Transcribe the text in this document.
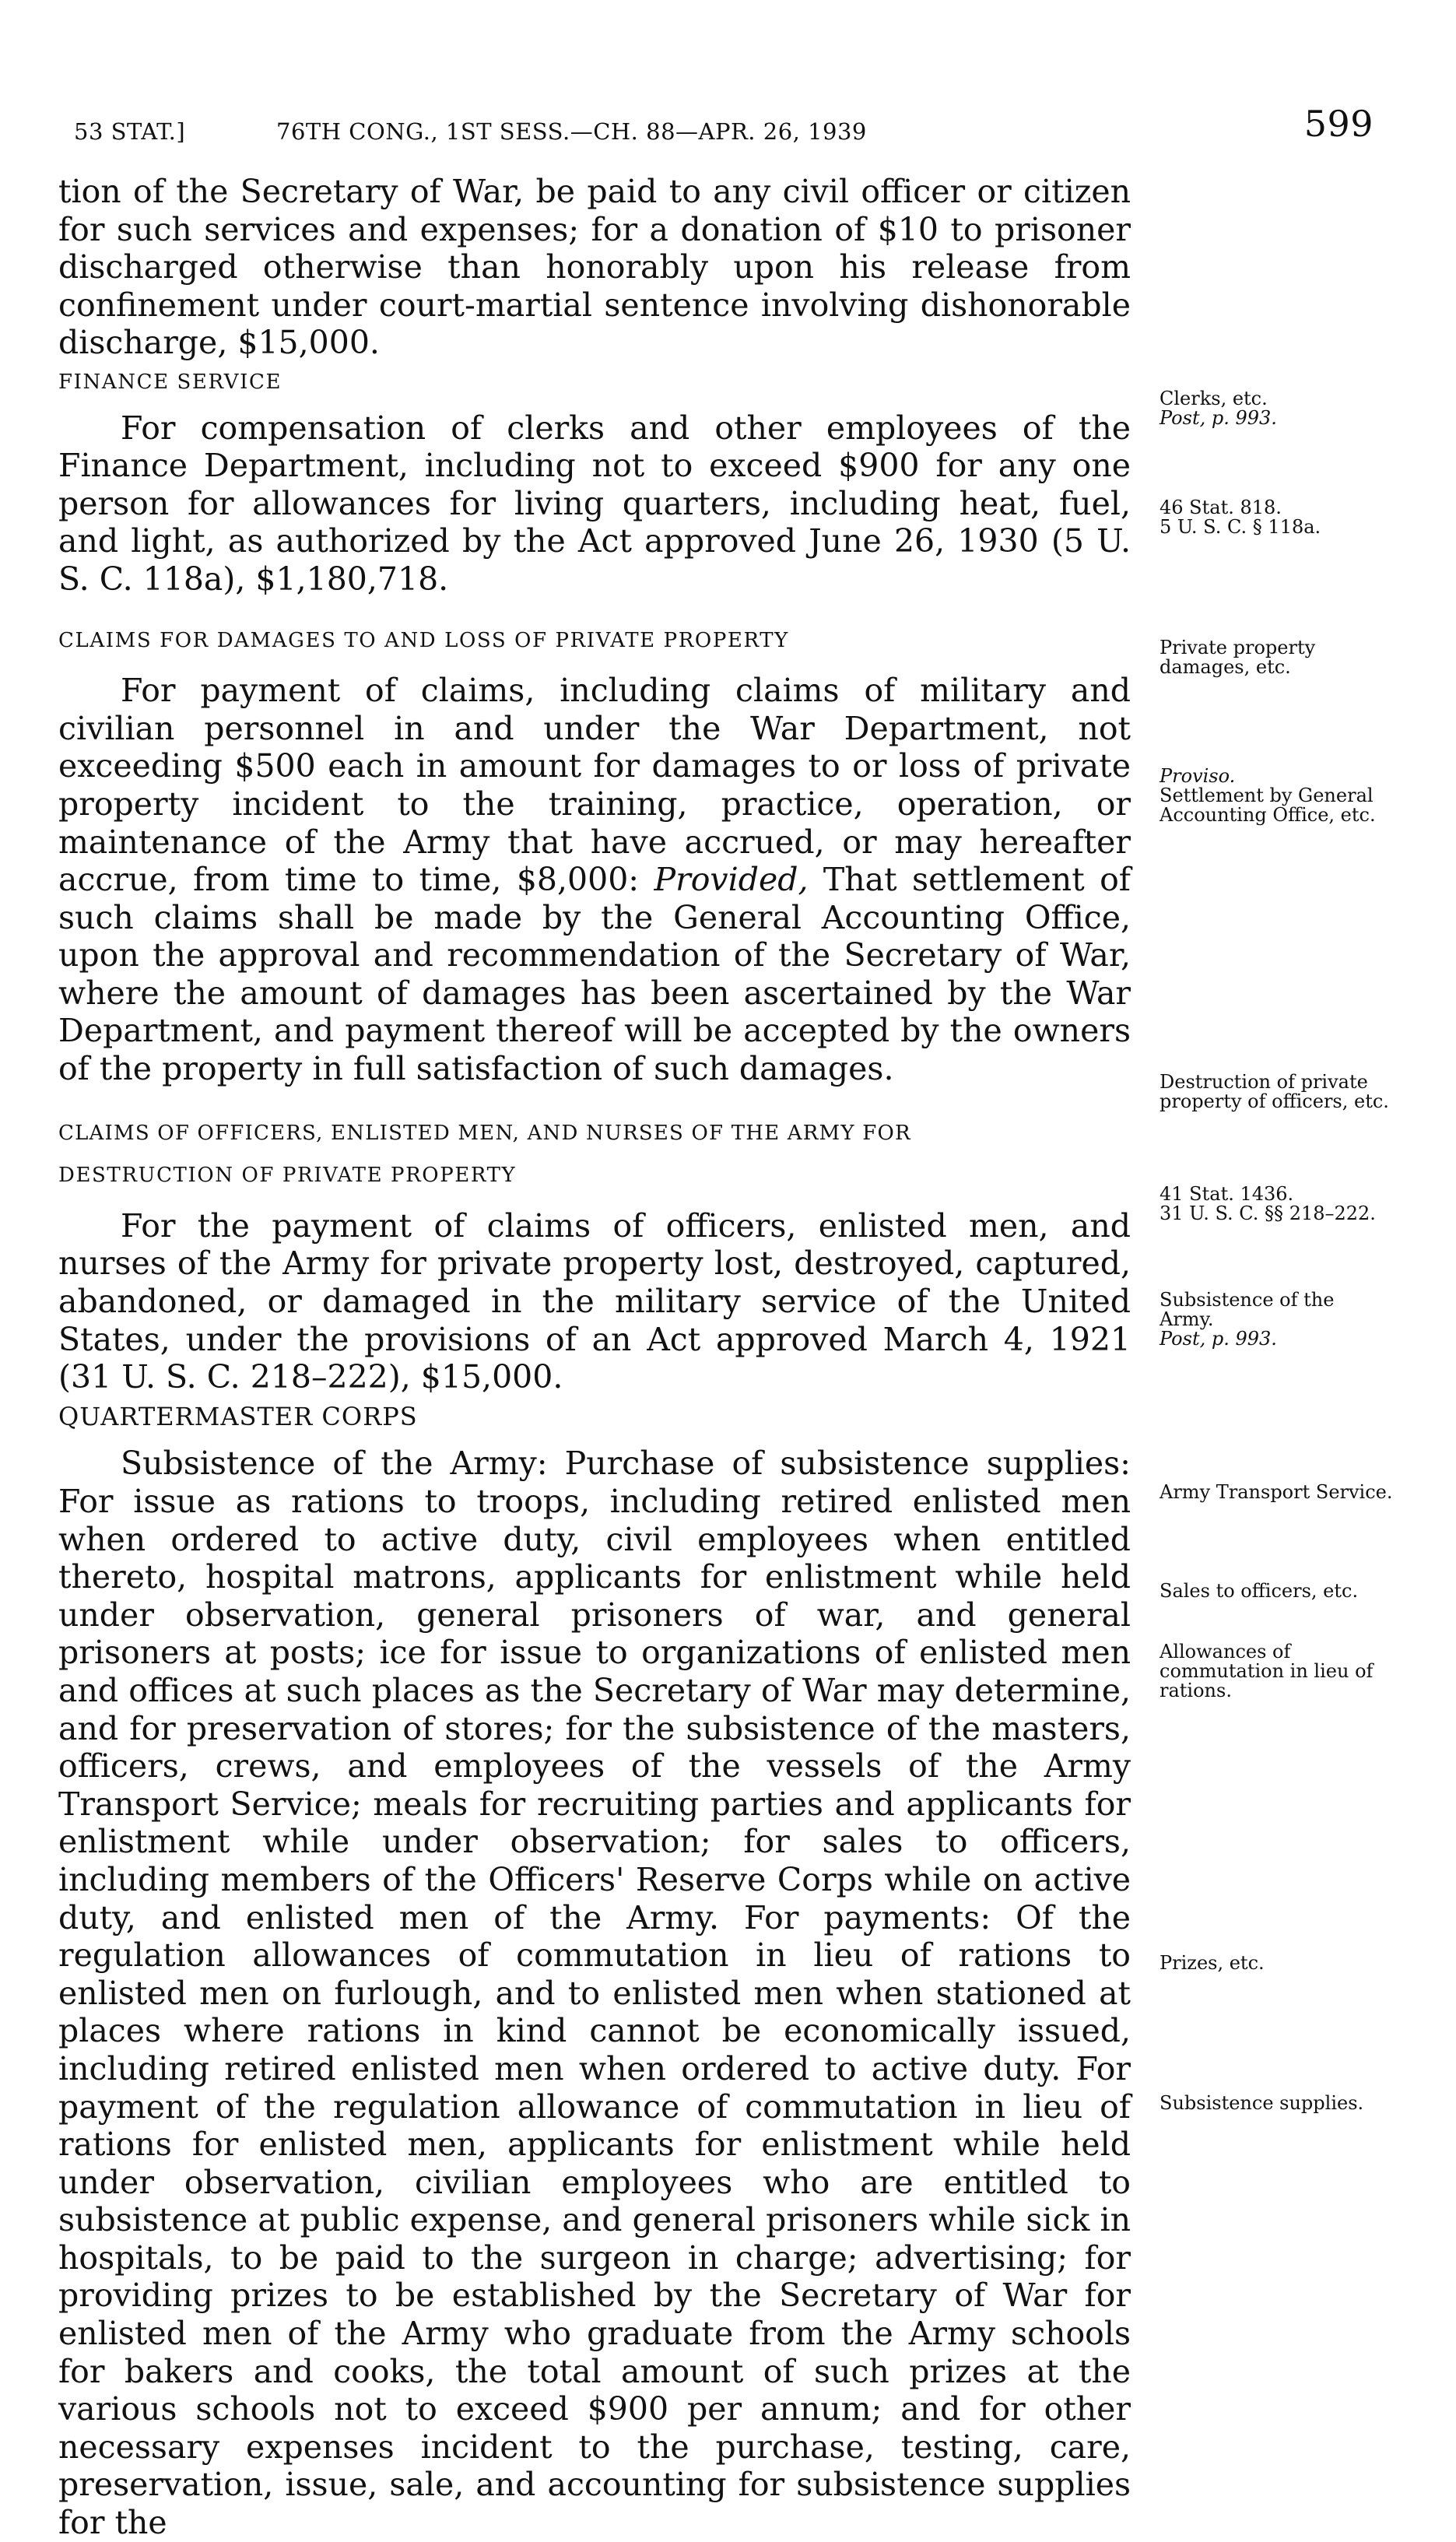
53 STAT.]	76TH CONG., 1ST SESS.—CH. 88—APR. 26, 1939	599

tion of the Secretary of War, be paid to any civil officer or citizen for such services and expenses; for a donation of $10 to prisoner discharged otherwise than honorably upon his release from confinement under court-martial sentence involving dishonorable discharge, $15,000.

FINANCE SERVICE

For compensation of clerks and other employees of the Finance Department, including not to exceed $900 for any one person for allowances for living quarters, including heat, fuel, and light, as authorized by the Act approved June 26, 1930 (5 U. S. C. 118a), $1,180,718.

CLAIMS FOR DAMAGES TO AND LOSS OF PRIVATE PROPERTY

For payment of claims, including claims of military and civilian personnel in and under the War Department, not exceeding $500 each in amount for damages to or loss of private property incident to the training, practice, operation, or maintenance of the Army that have accrued, or may hereafter accrue, from time to time, $8,000: Provided, That settlement of such claims shall be made by the General Accounting Office, upon the approval and recommendation of the Secretary of War, where the amount of damages has been ascertained by the War Department, and payment thereof will be accepted by the owners of the property in full satisfaction of such damages.

CLAIMS OF OFFICERS, ENLISTED MEN, AND NURSES OF THE ARMY FOR

DESTRUCTION OF PRIVATE PROPERTY

For the payment of claims of officers, enlisted men, and nurses of the Army for private property lost, destroyed, captured, abandoned, or damaged in the military service of the United States, under the provisions of an Act approved March 4, 1921 (31 U. S. C. 218–222), $15,000.

QUARTERMASTER CORPS

Subsistence of the Army: Purchase of subsistence supplies: For issue as rations to troops, including retired enlisted men when ordered to active duty, civil employees when entitled thereto, hospital matrons, applicants for enlistment while held under observation, general prisoners of war, and general prisoners at posts; ice for issue to organizations of enlisted men and offices at such places as the Secretary of War may determine, and for preservation of stores; for the subsistence of the masters, officers, crews, and employees of the vessels of the Army Transport Service; meals for recruiting parties and applicants for enlistment while under observation; for sales to officers, including members of the Officers' Reserve Corps while on active duty, and enlisted men of the Army. For payments: Of the regulation allowances of commutation in lieu of rations to enlisted men on furlough, and to enlisted men when stationed at places where rations in kind cannot be economically issued, including retired enlisted men when ordered to active duty. For payment of the regulation allowance of commutation in lieu of rations for enlisted men, applicants for enlistment while held under observation, civilian employees who are entitled to subsistence at public expense, and general prisoners while sick in hospitals, to be paid to the surgeon in charge; advertising; for providing prizes to be established by the Secretary of War for enlisted men of the Army who graduate from the Army schools for bakers and cooks, the total amount of such prizes at the various schools not to exceed $900 per annum; and for other necessary expenses incident to the purchase, testing, care, preservation, issue, sale, and accounting for subsistence supplies for the

Clerks, etc.
Post, p. 993.
46 Stat. 818.
5 U. S. C. § 118a.
Private property damages, etc.
Proviso.
Settlement by General Accounting Office, etc.
Destruction of private property of officers, etc.
41 Stat. 1436.
31 U. S. C. §§ 218–222.
Subsistence of the Army.
Post, p. 993.
Army Transport Service.
Sales to officers, etc.
Allowances of commutation in lieu of rations.
Prizes, etc.
Subsistence supplies.
